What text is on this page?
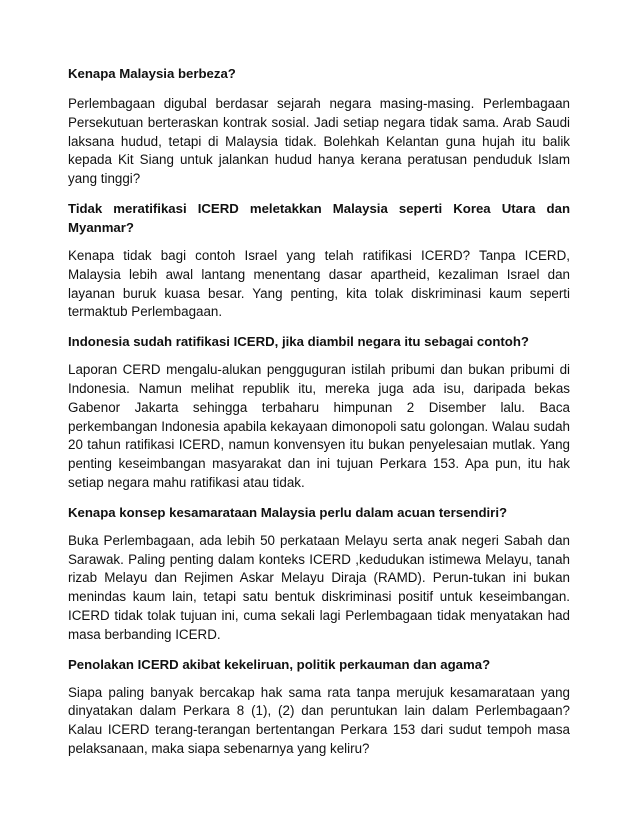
Kenapa Malaysia berbeza?
Perlembagaan digubal berdasar sejarah negara masing-masing. Perlembagaan Persekutuan berteraskan kontrak sosial. Jadi setiap negara tidak sama. Arab Saudi laksana hudud, tetapi di Malaysia tidak. Bolehkah Kelantan guna hujah itu balik kepada Kit Siang untuk jalankan hudud hanya kerana peratusan penduduk Islam yang tinggi?
Tidak meratifikasi ICERD meletakkan Malaysia seperti Korea Utara dan Myanmar?
Kenapa tidak bagi contoh Israel yang telah ratifikasi ICERD? Tanpa ICERD, Malaysia lebih awal lantang menentang dasar apartheid, kezaliman Israel dan layanan buruk kuasa besar. Yang penting, kita tolak diskriminasi kaum seperti termaktub Perlembagaan.
Indonesia sudah ratifikasi ICERD, jika diambil negara itu sebagai contoh?
Laporan CERD mengalu-alukan pengguguran istilah pribumi dan bukan pribumi di Indonesia. Namun melihat republik itu, mereka juga ada isu, daripada bekas Gabenor Jakarta sehingga terbaharu himpunan 2 Disember lalu. Baca perkembangan Indonesia apabila kekayaan dimonopoli satu golongan. Walau sudah 20 tahun ratifikasi ICERD, namun konvensyen itu bukan penyelesaian mutlak. Yang penting keseimbangan masyarakat dan ini tujuan Perkara 153. Apa pun, itu hak setiap negara mahu ratifikasi atau tidak.
Kenapa konsep kesamarataan Malaysia perlu dalam acuan tersendiri?
Buka Perlembagaan, ada lebih 50 perkataan Melayu serta anak negeri Sabah dan Sarawak. Paling penting dalam konteks ICERD ,kedudukan istimewa Melayu, tanah rizab Melayu dan Rejimen Askar Melayu Diraja (RAMD). Perun-tukan ini bukan menindas kaum lain, tetapi satu bentuk diskriminasi positif untuk keseimbangan. ICERD tidak tolak tujuan ini, cuma sekali lagi Perlembagaan tidak menyatakan had masa berbanding ICERD.
Penolakan ICERD akibat kekeliruan, politik perkauman dan agama?
Siapa paling banyak bercakap hak sama rata tanpa merujuk kesamarataan yang dinyatakan dalam Perkara 8 (1), (2) dan peruntukan lain dalam Perlembagaan? Kalau ICERD terang-terangan bertentangan Perkara 153 dari sudut tempoh masa pelaksanaan, maka siapa sebenarnya yang keliru?
